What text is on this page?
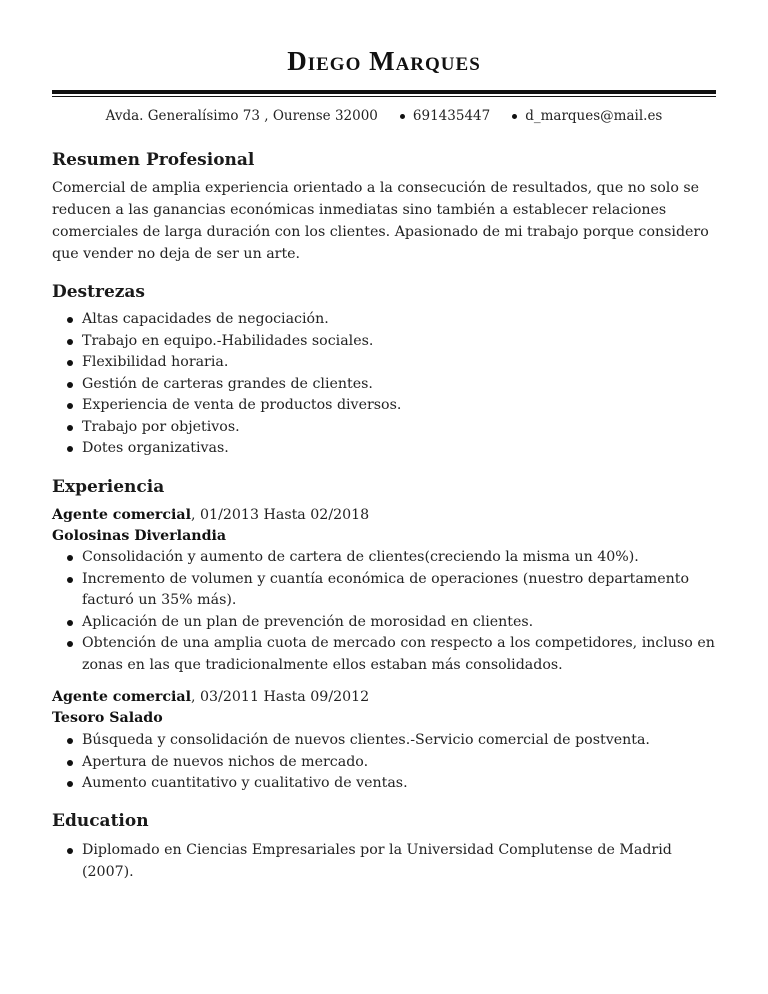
Diego Marques
Avda. Generalísimo 73 , Ourense 32000	691435447	d_marques@mail.es
Resumen Profesional
Comercial de amplia experiencia orientado a la consecución de resultados, que no solo se reducen a las ganancias económicas inmediatas sino también a establecer relaciones comerciales de larga duración con los clientes. Apasionado de mi trabajo porque considero que vender no deja de ser un arte.
Destrezas
Altas capacidades de negociación.
Trabajo en equipo.-Habilidades sociales.
Flexibilidad horaria.
Gestión de carteras grandes de clientes.
Experiencia de venta de productos diversos.
Trabajo por objetivos.
Dotes organizativas.
Experiencia
Agente comercial, 01/2013 Hasta 02/2018
Golosinas Diverlandia
Consolidación y aumento de cartera de clientes(creciendo la misma un 40%).
Incremento de volumen y cuantía económica de operaciones (nuestro departamento facturó un 35% más).
Aplicación de un plan de prevención de morosidad en clientes.
Obtención de una amplia cuota de mercado con respecto a los competidores, incluso en zonas en las que tradicionalmente ellos estaban más consolidados.
Agente comercial, 03/2011 Hasta 09/2012
Tesoro Salado
Búsqueda y consolidación de nuevos clientes.-Servicio comercial de postventa.
Apertura de nuevos nichos de mercado.
Aumento cuantitativo y cualitativo de ventas.
Education
Diplomado en Ciencias Empresariales por la Universidad Complutense de Madrid (2007).
